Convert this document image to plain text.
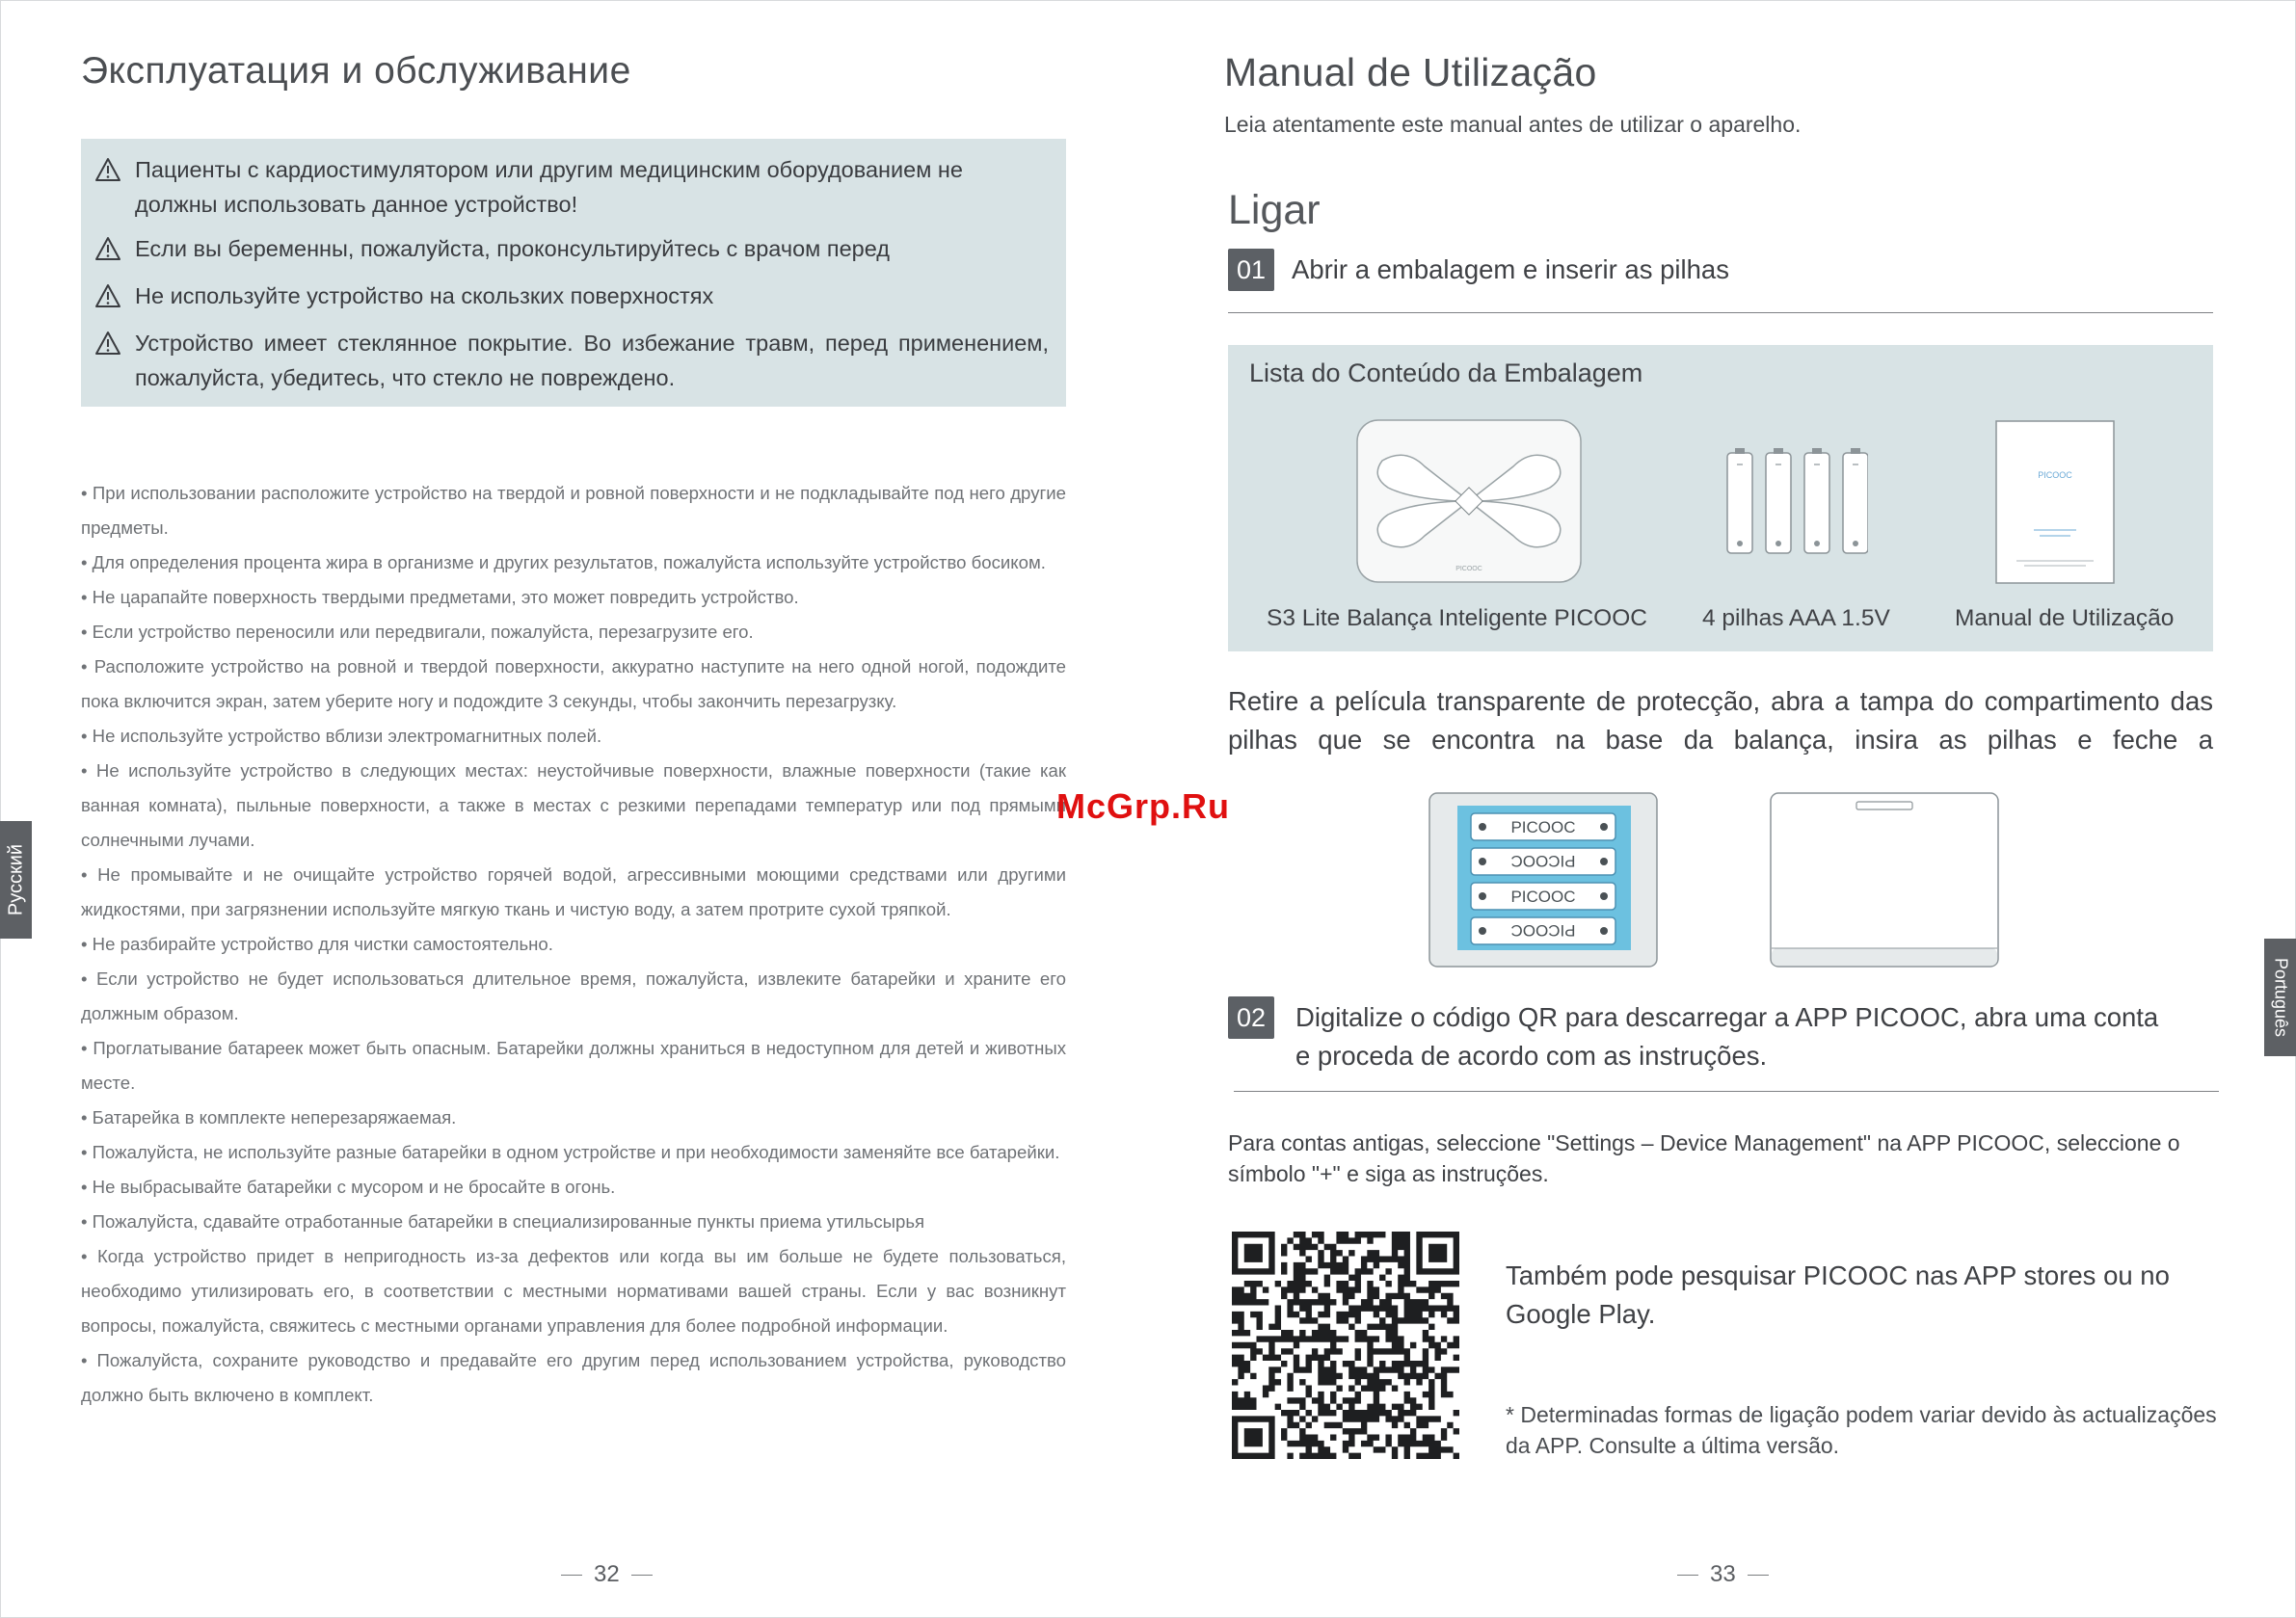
Эксплуатация и обслуживание
Пациенты с кардиостимулятором или другим медицинским оборудованием не должны использовать данное устройство!
Если вы беременны, пожалуйста, проконсультируйтесь с врачом перед
Не используйте устройство на скользких поверхностях
Устройство имеет стеклянное покрытие. Во избежание травм, перед применением, пожалуйста, убедитесь, что стекло не повреждено.

• При использовании расположите устройство на твердой и ровной поверхности и не подкладывайте под него другие предметы.

• Для определения процента жира в организме и других результатов, пожалуйста используйте устройство босиком.

• Не царапайте поверхность твердыми предметами, это может повредить устройство.

• Если устройство переносили или передвигали, пожалуйста, перезагрузите его.

• Расположите устройство на ровной и твердой поверхности, аккуратно наступите на него одной ногой, подождите пока включится экран, затем уберите ногу и подождите 3 секунды, чтобы закончить перезагрузку.

• Не используйте устройство вблизи электромагнитных полей.

• Не используйте устройство в следующих местах: неустойчивые поверхности, влажные поверхности (такие как ванная комната), пыльные поверхности, а также в местах с резкими перепадами температур или под прямыми солнечными лучами.

• Не промывайте и не очищайте устройство горячей водой, агрессивными моющими средствами или другими жидкостями, при загрязнении используйте мягкую ткань и чистую воду, а затем протрите сухой тряпкой.

• Не разбирайте устройство для чистки самостоятельно.

• Если устройство не будет использоваться длительное время, пожалуйста, извлеките батарейки и храните его должным образом.

• Проглатывание батареек может быть опасным. Батарейки должны храниться в недоступном для детей и животных месте.

• Батарейка в комплекте неперезаряжаемая.

• Пожалуйста, не используйте разные батарейки в одном устройстве и при необходимости заменяйте все батарейки.

• Не выбрасывайте батарейки с мусором и не бросайте в огонь.

• Пожалуйста, сдавайте отработанные батарейки в специализированные пункты приема утильсырья

• Когда устройство придет в непригодность из-за дефектов или когда вы им больше не будете пользоваться, необходимо утилизировать его, в соответствии с местными нормативами вашей страны. Если у вас возникнут вопросы, пожалуйста, свяжитесь с местными органами управления для более подробной информации.

• Пожалуйста, сохраните руководство и предавайте его другим перед использованием устройства, руководство должно быть включено в комплект.

Русский
32
Manual de Utilização
Leia atentamente este manual antes de utilizar o aparelho.
Ligar
01 Abrir a embalagem e inserir as pilhas
Lista do Conteúdo da Embalagem
PICOOC
PICOOC
S3 Lite Balança Inteligente PICOOC 4 pilhas AAA 1.5V	Manual de Utilização
Retire a película transparente de protecção, abra a tampa do compartimento das pilhas que se encontra na base da balança, insira as pilhas e feche a
PICOOC
PICOOC
PICOOC
PICOOC
McGrp.Ru
02	Digitalize o código QR para descarregar a APP PICOOC, abra uma conta e proceda de acordo com as instruções.
Para contas antigas, seleccione "Settings – Device Management" na APP PICOOC, seleccione o símbolo "+" e siga as instruções.
Também pode pesquisar PICOOC nas APP stores ou no Google Play.
* Determinadas formas de ligação podem variar devido às actualizações da APP. Consulte a última versão.
Português
33
